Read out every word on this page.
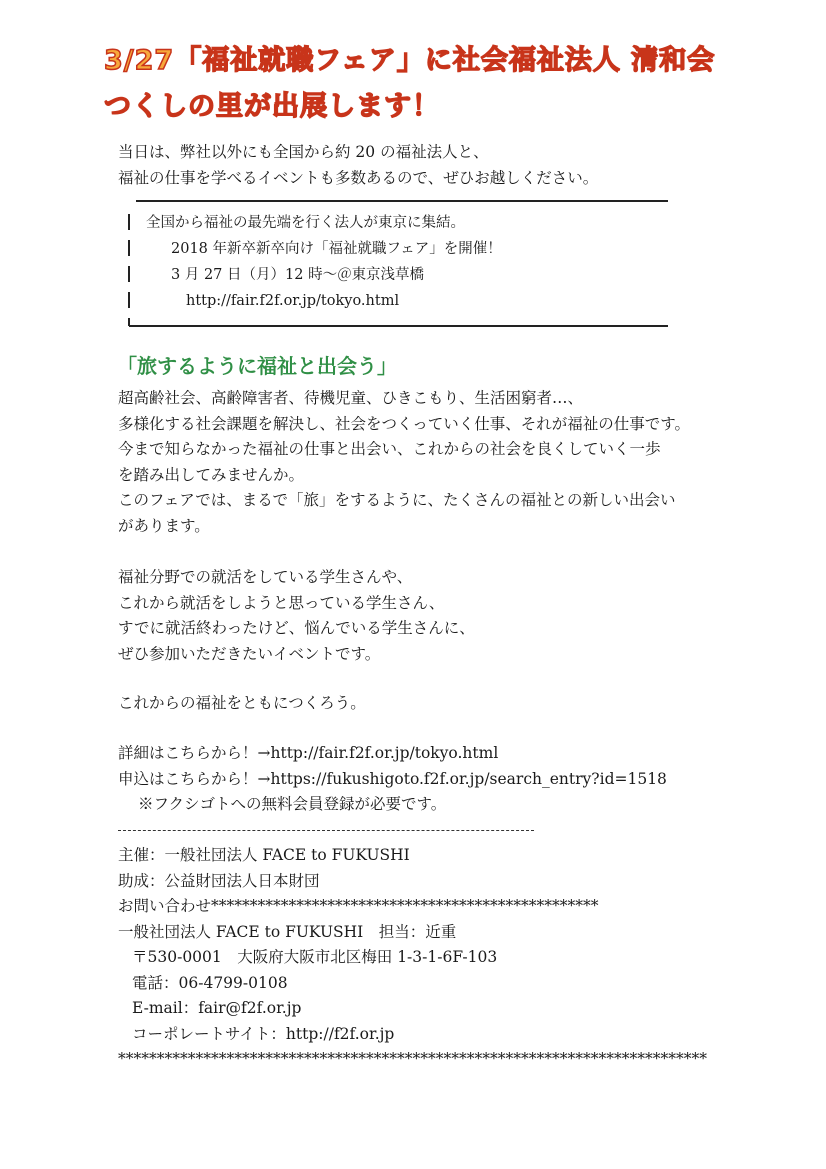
3/27「福祉就職フェア」に社会福祉法人 清和会
つくしの里が出展します！
当日は、弊社以外にも全国から約 20 の福祉法人と、
福祉の仕事を学べるイベントも多数あるので、ぜひお越しください。
全国から福祉の最先端を行く法人が東京に集結。
2018 年新卒新卒向け「福祉就職フェア」を開催！
3 月 27 日（月）12 時～＠東京浅草橋
http://fair.f2f.or.jp/tokyo.html
「旅するように福祉と出会う」
超高齢社会、高齢障害者、待機児童、ひきこもり、生活困窮者…、
多様化する社会課題を解決し、社会をつくっていく仕事、それが福祉の仕事です。
今まで知らなかった福祉の仕事と出会い、これからの社会を良くしていく一歩
を踏み出してみませんか。
このフェアでは、まるで「旅」をするように、たくさんの福祉との新しい出会い
があります。
福祉分野での就活をしている学生さんや、
これから就活をしようと思っている学生さん、
すでに就活終わったけど、悩んでいる学生さんに、
ぜひ参加いただきたいイベントです。
これからの福祉をともにつくろう。
詳細はこちらから！→http://fair.f2f.or.jp/tokyo.html
申込はこちらから！→https://fukushigoto.f2f.or.jp/search_entry?id=1518
※フクシゴトへの無料会員登録が必要です。
主催：一般社団法人 FACE to FUKUSHI
助成：公益財団法人日本財団
お問い合わせ**************************************************
一般社団法人 FACE to FUKUSHI　担当：近重
〒530-0001　大阪府大阪市北区梅田 1-3-1-6F-103
電話：06-4799-0108
E-mail：fair@f2f.or.jp
コーポレートサイト：http://f2f.or.jp
****************************************************************************
